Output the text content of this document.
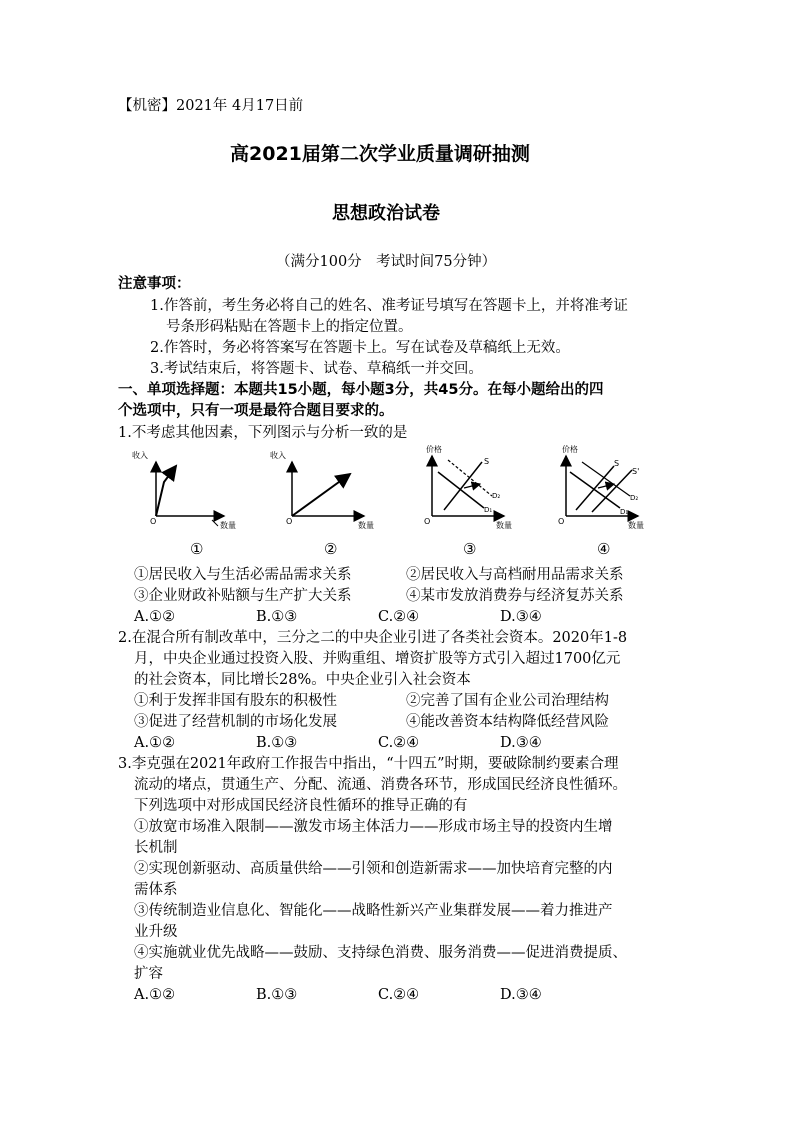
【机密】2021年 4月17日前
高2021届第二次学业质量调研抽测
思想政治试卷
（满分100分　考试时间75分钟）
注意事项：
1.作答前，考生务必将自己的姓名、准考证号填写在答题卡上，并将准考证
号条形码粘贴在答题卡上的指定位置。
2.作答时，务必将答案写在答题卡上。写在试卷及草稿纸上无效。
3.考试结束后，将答题卡、试卷、草稿纸一并交回。
一、单项选择题：本题共15小题，每小题3分，共45分。在每小题给出的四
个选项中，只有一项是最符合题目要求的。
1.不考虑其他因素，下列图示与分析一致的是
收入
O	数量
收入
O	数量
价格
S
D₂
D₁
O	数量
价格
S
S'
D₂
D₁
O	数量
①	②	③	④
①居民收入与生活必需品需求关系	②居民收入与高档耐用品需求关系
③企业财政补贴额与生产扩大关系	④某市发放消费券与经济复苏关系
A.①②	B.①③	C.②④	D.③④
2.在混合所有制改革中，三分之二的中央企业引进了各类社会资本。2020年1-8
月，中央企业通过投资入股、并购重组、增资扩股等方式引入超过1700亿元
的社会资本，同比增长28%。中央企业引入社会资本
①利于发挥非国有股东的积极性	②完善了国有企业公司治理结构
③促进了经营机制的市场化发展	④能改善资本结构降低经营风险
A.①②	B.①③	C.②④	D.③④
3.李克强在2021年政府工作报告中指出，“十四五”时期，要破除制约要素合理
流动的堵点，贯通生产、分配、流通、消费各环节，形成国民经济良性循环。
下列选项中对形成国民经济良性循环的推导正确的有
①放宽市场准入限制——激发市场主体活力——形成市场主导的投资内生增
长机制
②实现创新驱动、高质量供给——引领和创造新需求——加快培育完整的内
需体系
③传统制造业信息化、智能化——战略性新兴产业集群发展——着力推进产
业升级
④实施就业优先战略——鼓励、支持绿色消费、服务消费——促进消费提质、
扩容
A.①②	B.①③	C.②④	D.③④
